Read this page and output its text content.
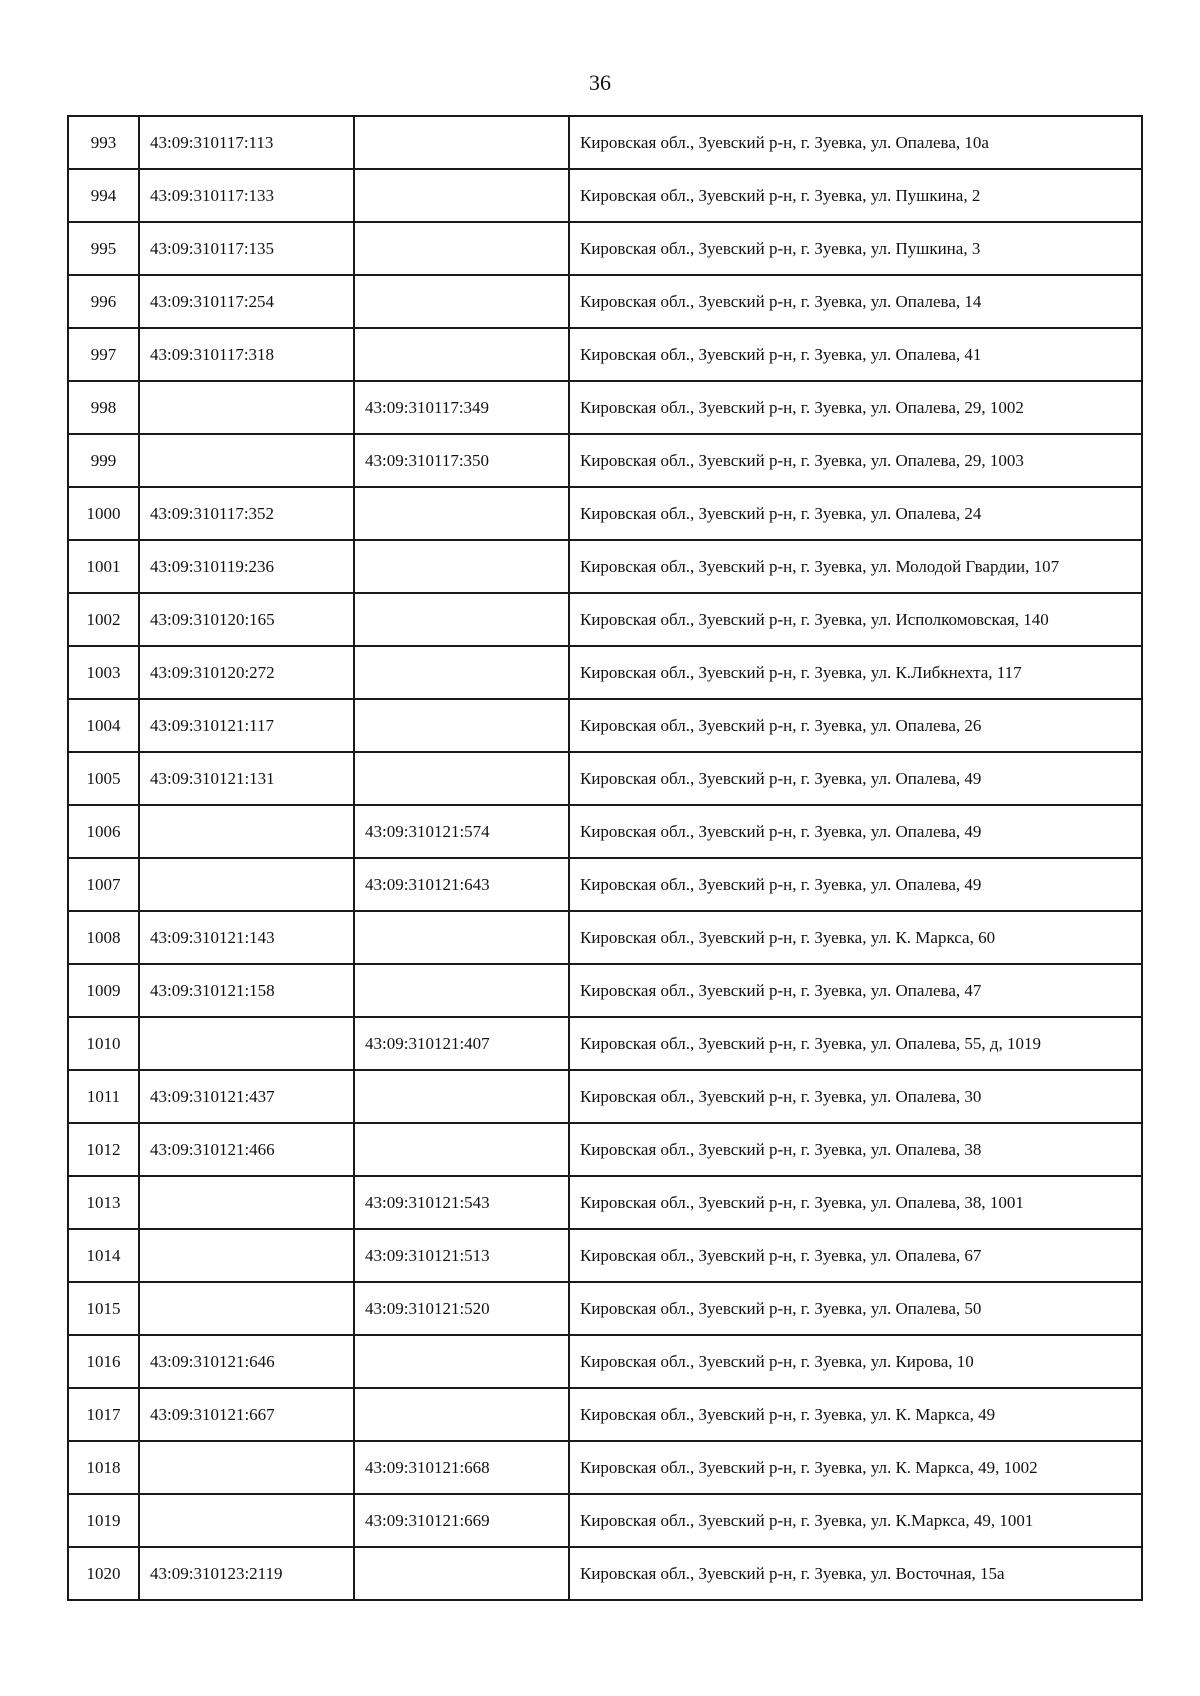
36
993	43:09:310117:113		Кировская обл., Зуевский р-н, г. Зуевка, ул. Опалева, 10а
994	43:09:310117:133		Кировская обл., Зуевский р-н, г. Зуевка, ул. Пушкина, 2
995	43:09:310117:135		Кировская обл., Зуевский р-н, г. Зуевка, ул. Пушкина, 3
996	43:09:310117:254		Кировская обл., Зуевский р-н, г. Зуевка, ул. Опалева, 14
997	43:09:310117:318		Кировская обл., Зуевский р-н, г. Зуевка, ул. Опалева, 41
998		43:09:310117:349	Кировская обл., Зуевский р-н, г. Зуевка, ул. Опалева, 29, 1002
999		43:09:310117:350	Кировская обл., Зуевский р-н, г. Зуевка, ул. Опалева, 29, 1003
1000	43:09:310117:352		Кировская обл., Зуевский р-н, г. Зуевка, ул. Опалева, 24
1001	43:09:310119:236		Кировская обл., Зуевский р-н, г. Зуевка, ул. Молодой Гвардии, 107
1002	43:09:310120:165		Кировская обл., Зуевский р-н, г. Зуевка, ул. Исполкомовская, 140
1003	43:09:310120:272		Кировская обл., Зуевский р-н, г. Зуевка, ул. К.Либкнехта, 117
1004	43:09:310121:117		Кировская обл., Зуевский р-н, г. Зуевка, ул. Опалева, 26
1005	43:09:310121:131		Кировская обл., Зуевский р-н, г. Зуевка, ул. Опалева, 49
1006		43:09:310121:574	Кировская обл., Зуевский р-н, г. Зуевка, ул. Опалева, 49
1007		43:09:310121:643	Кировская обл., Зуевский р-н, г. Зуевка, ул. Опалева, 49
1008	43:09:310121:143		Кировская обл., Зуевский р-н, г. Зуевка, ул. К. Маркса, 60
1009	43:09:310121:158		Кировская обл., Зуевский р-н, г. Зуевка, ул. Опалева, 47
1010		43:09:310121:407	Кировская обл., Зуевский р-н, г. Зуевка, ул. Опалева, 55, д, 1019
1011	43:09:310121:437		Кировская обл., Зуевский р-н, г. Зуевка, ул. Опалева, 30
1012	43:09:310121:466		Кировская обл., Зуевский р-н, г. Зуевка, ул. Опалева, 38
1013		43:09:310121:543	Кировская обл., Зуевский р-н, г. Зуевка, ул. Опалева, 38, 1001
1014		43:09:310121:513	Кировская обл., Зуевский р-н, г. Зуевка, ул. Опалева, 67
1015		43:09:310121:520	Кировская обл., Зуевский р-н, г. Зуевка, ул. Опалева, 50
1016	43:09:310121:646		Кировская обл., Зуевский р-н, г. Зуевка, ул. Кирова, 10
1017	43:09:310121:667		Кировская обл., Зуевский р-н, г. Зуевка, ул. К. Маркса, 49
1018		43:09:310121:668	Кировская обл., Зуевский р-н, г. Зуевка, ул. К. Маркса, 49, 1002
1019		43:09:310121:669	Кировская обл., Зуевский р-н, г. Зуевка, ул. К.Маркса, 49, 1001
1020	43:09:310123:2119		Кировская обл., Зуевский р-н, г. Зуевка, ул. Восточная, 15а
